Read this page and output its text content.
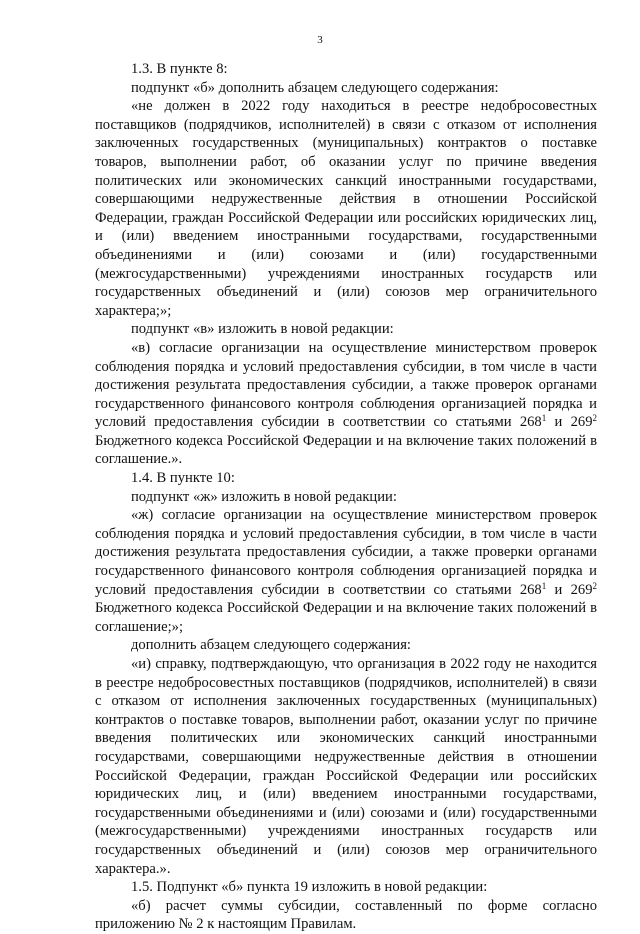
3

1.3. В пункте 8:

подпункт «б» дополнить абзацем следующего содержания:

«не должен в 2022 году находиться в реестре недобросовестных поставщиков (подрядчиков, исполнителей) в связи с отказом от исполнения заключенных государственных (муниципальных) контрактов о поставке товаров, выполнении работ, об оказании услуг по причине введения политических или экономических санкций иностранными государствами, совершающими недружественные действия в отношении Российской Федерации, граждан Российской Федерации или российских юридических лиц, и (или) введением иностранными государствами, государственными объединениями и (или) союзами и (или) государственными (межгосударственными) учреждениями иностранных государств или государственных объединений и (или) союзов мер ограничительного характера;»;

подпункт «в» изложить в новой редакции:

«в) согласие организации на осуществление министерством проверок соблюдения порядка и условий предоставления субсидии, в том числе в части достижения результата предоставления субсидии, а также проверок органами государственного финансового контроля соблюдения организацией порядка и условий предоставления субсидии в соответствии со статьями $268^1$ и $269^2$ Бюджетного кодекса Российской Федерации и на включение таких положений в соглашение.».

1.4. В пункте 10:

подпункт «ж» изложить в новой редакции:

«ж) согласие организации на осуществление министерством проверок соблюдения порядка и условий предоставления субсидии, в том числе в части достижения результата предоставления субсидии, а также проверки органами государственного финансового контроля соблюдения организацией порядка и условий предоставления субсидии в соответствии со статьями $268^1$ и $269^2$ Бюджетного кодекса Российской Федерации и на включение таких положений в соглашение;»;

дополнить абзацем следующего содержания:

«и) справку, подтверждающую, что организация в 2022 году не находится в реестре недобросовестных поставщиков (подрядчиков, исполнителей) в связи с отказом от исполнения заключенных государственных (муниципальных) контрактов о поставке товаров, выполнении работ, оказании услуг по причине введения политических или экономических санкций иностранными государствами, совершающими недружественные действия в отношении Российской Федерации, граждан Российской Федерации или российских юридических лиц, и (или) введением иностранными государствами, государственными объединениями и (или) союзами и (или) государственными (межгосударственными) учреждениями иностранных государств или государственных объединений и (или) союзов мер ограничительного характера.».

1.5. Подпункт «б» пункта 19 изложить в новой редакции:

«б) расчет суммы субсидии, составленный по форме согласно приложению № 2 к настоящим Правилам.
